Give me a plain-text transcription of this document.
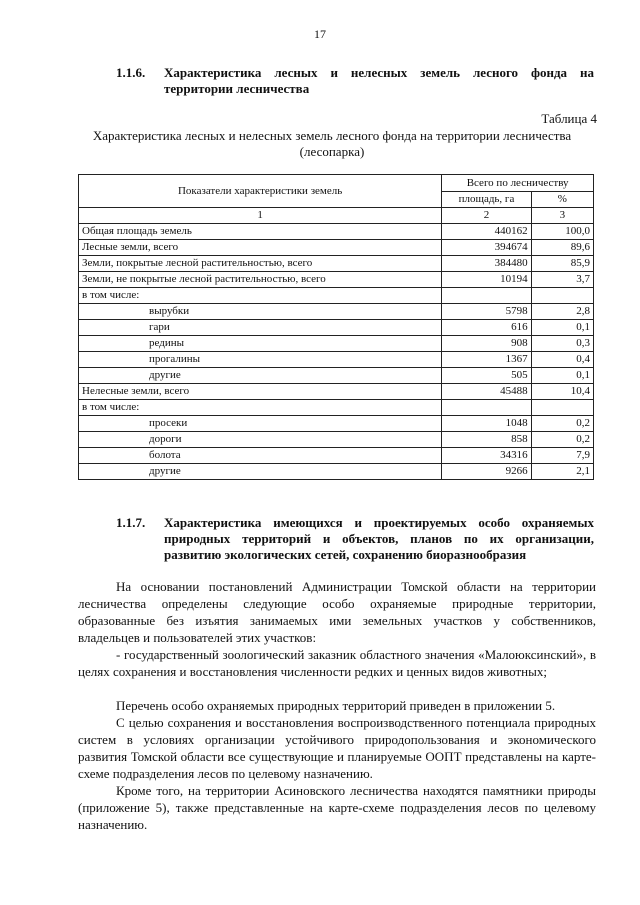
17
1.1.6. Характеристика лесных и нелесных земель лесного фонда на территории лесничества
Таблица 4
Характеристика лесных и нелесных земель лесного фонда на территории лесничества (лесопарка)
Показатели характеристики земель	Всего по лесничеству	
	площадь, га	%
1	2	3
Общая площадь земель	440162	100,0
Лесные земли, всего	394674	89,6
Земли, покрытые лесной растительностью, всего	384480	85,9
Земли, не покрытые лесной растительностью, всего	10194	3,7
в том числе:		
вырубки	5798	2,8
гари	616	0,1
редины	908	0,3
прогалины	1367	0,4
другие	505	0,1
Нелесные земли, всего	45488	10,4
в том числе:		
просеки	1048	0,2
дороги	858	0,2
болота	34316	7,9
другие	9266	2,1
1.1.7. Характеристика имеющихся и проектируемых особо охраняемых природных территорий и объектов, планов по их организации, развитию экологических сетей, сохранению биоразнообразия
На основании постановлений Администрации Томской области на территории лесничества определены следующие особо охраняемые природные территории, образованные без изъятия занимаемых ими земельных участков у собственников, владельцев и пользователей этих участков:
- государственный зоологический заказник областного значения «Малоюксинский», в целях сохранения и восстановления численности редких и ценных видов животных;
Перечень особо охраняемых природных территорий приведен в приложении 5.
С целью сохранения и восстановления воспроизводственного потенциала природных систем в условиях организации устойчивого природопользования и экономического развития Томской области все существующие и планируемые ООПТ представлены на карте-схеме подразделения лесов по целевому назначению.
Кроме того, на территории Асиновского лесничества находятся памятники природы (приложение 5), также представленные на карте-схеме подразделения лесов по целевому назначению.
